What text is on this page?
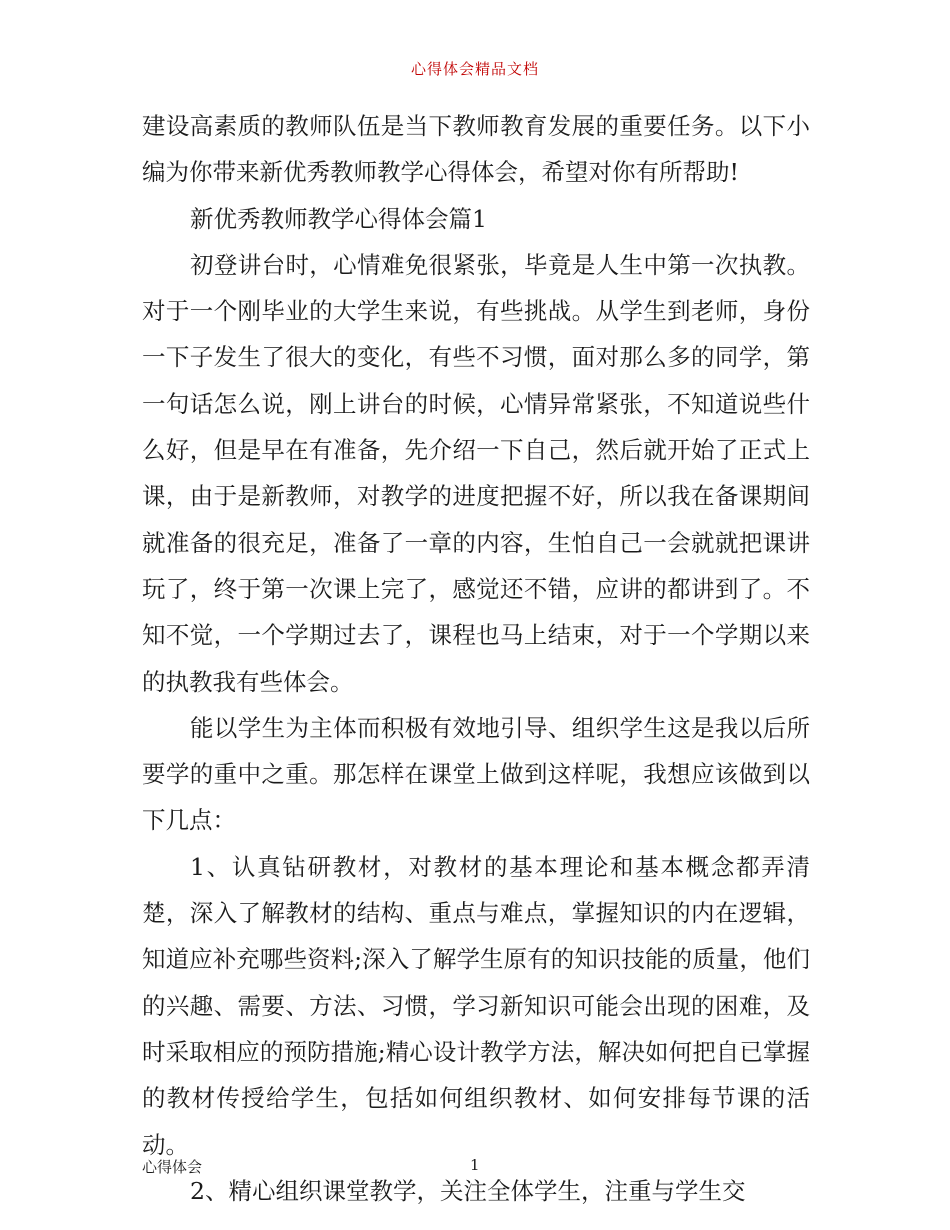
心得体会精品文档

建设高素质的教师队伍是当下教师教育发展的重要任务。以下小编为你带来新优秀教师教学心得体会，希望对你有所帮助!

新优秀教师教学心得体会篇1

初登讲台时，心情难免很紧张，毕竟是人生中第一次执教。对于一个刚毕业的大学生来说，有些挑战。从学生到老师，身份一下子发生了很大的变化，有些不习惯，面对那么多的同学，第一句话怎么说，刚上讲台的时候，心情异常紧张，不知道说些什么好，但是早在有准备，先介绍一下自己，然后就开始了正式上课，由于是新教师，对教学的进度把握不好，所以我在备课期间就准备的很充足，准备了一章的内容，生怕自己一会就就把课讲玩了，终于第一次课上完了，感觉还不错，应讲的都讲到了。不知不觉，一个学期过去了，课程也马上结束，对于一个学期以来的执教我有些体会。

能以学生为主体而积极有效地引导、组织学生这是我以后所要学的重中之重。那怎样在课堂上做到这样呢，我想应该做到以下几点：

1、认真钻研教材，对教材的基本理论和基本概念都弄清楚，深入了解教材的结构、重点与难点，掌握知识的内在逻辑，知道应补充哪些资料;深入了解学生原有的知识技能的质量，他们的兴趣、需要、方法、习惯，学习新知识可能会出现的困难，及时采取相应的预防措施;精心设计教学方法，解决如何把自已掌握的教材传授给学生，包括如何组织教材、如何安排每节课的活动。

2、精心组织课堂教学，关注全体学生，注重与学生交

心得体会	1
